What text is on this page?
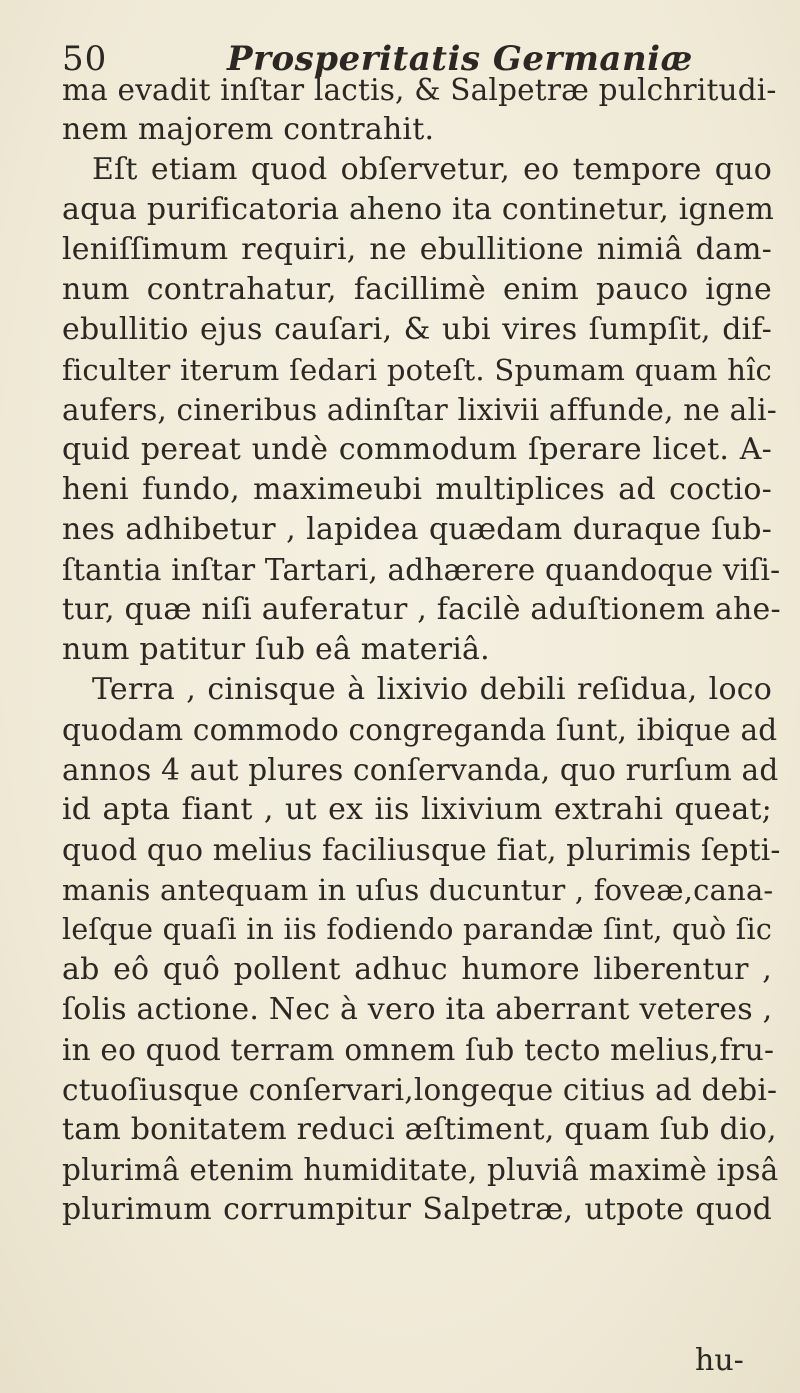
50	Prosperitatis Germaniæ
ma evadit inſtar lactis, & Salpetræ pulchritudi-
nem majorem contrahit.
Eſt etiam quod obſervetur, eo tempore quo
aqua purificatoria aheno ita continetur, ignem
leniſſimum requiri, ne ebullitione nimiâ dam-
num contrahatur, facillimè enim pauco igne
ebullitio ejus cauſari, & ubi vires ſumpſit, dif-
ficulter iterum ſedari poteſt. Spumam quam hîc
aufers, cineribus adinſtar lixivii affunde, ne ali-
quid pereat undè commodum ſperare licet. A-
heni fundo, maximeubi multiplices ad coctio-
nes adhibetur , lapidea quædam duraque ſub-
ſtantia inſtar Tartari, adhærere quandoque viſi-
tur, quæ niſi auferatur , facilè aduſtionem ahe-
num patitur ſub eâ materiâ.
Terra , cinisque à lixivio debili reſidua, loco
quodam commodo congreganda ſunt, ibique ad
annos 4 aut plures conſervanda, quo rurſum ad
id apta fiant , ut ex iis lixivium extrahi queat;
quod quo melius faciliusque fiat, plurimis ſepti-
manis antequam in uſus ducuntur , foveæ,cana-
leſque quaſi in iis fodiendo parandæ ſint, quò ſic
ab eô quô pollent adhuc humore liberentur ,
ſolis actione. Nec à vero ita aberrant veteres ,
in eo quod terram omnem ſub tecto melius,fru-
ctuoſiusque conſervari,longeque citius ad debi-
tam bonitatem reduci æſtiment, quam ſub dio,
plurimâ etenim humiditate, pluviâ maximè ipsâ
plurimum corrumpitur Salpetræ, utpote quod
hu-
